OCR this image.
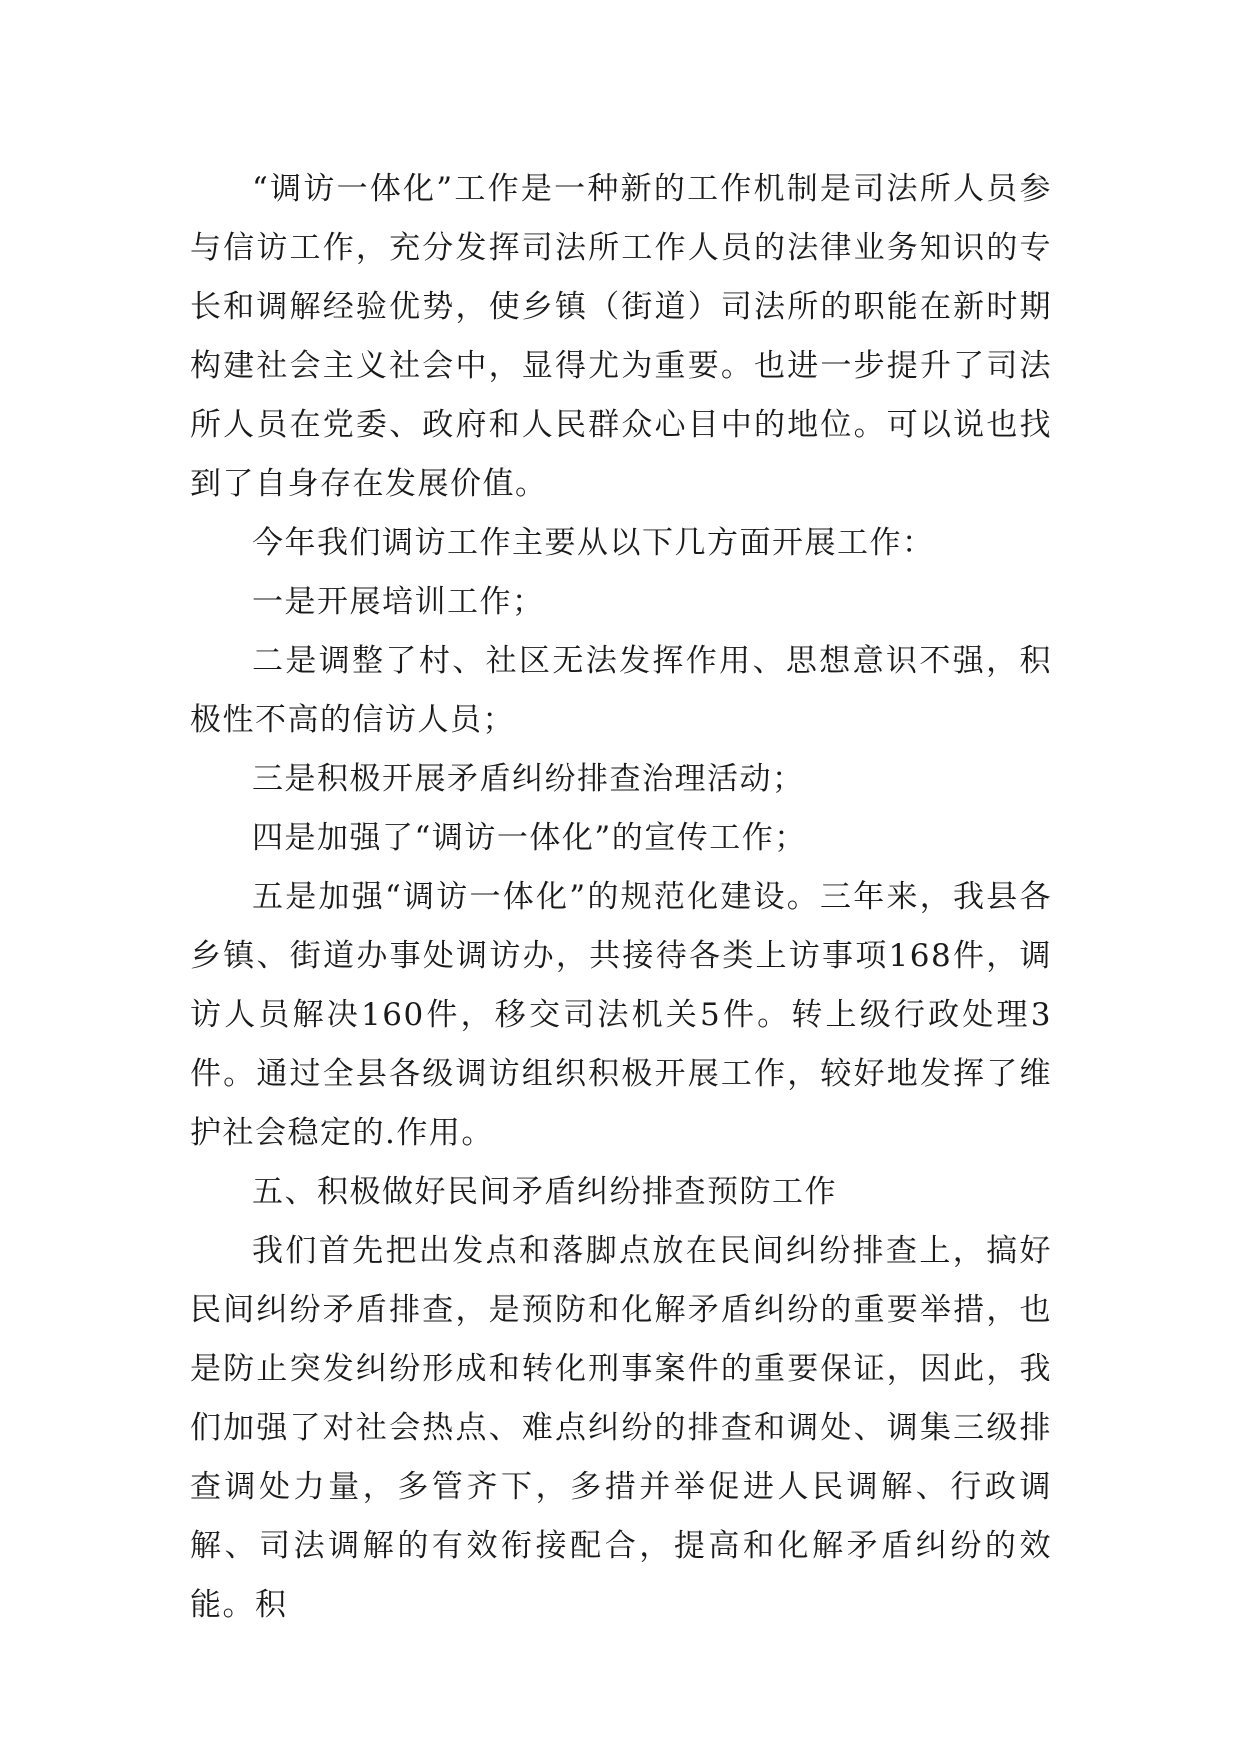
“调访一体化”工作是一种新的工作机制是司法所人员参与信访工作，充分发挥司法所工作人员的法律业务知识的专长和调解经验优势，使乡镇（街道）司法所的职能在新时期构建社会主义社会中，显得尤为重要。也进一步提升了司法所人员在党委、政府和人民群众心目中的地位。可以说也找到了自身存在发展价值。

今年我们调访工作主要从以下几方面开展工作：

一是开展培训工作；

二是调整了村、社区无法发挥作用、思想意识不强，积极性不高的信访人员；

三是积极开展矛盾纠纷排查治理活动；

四是加强了“调访一体化”的宣传工作；

五是加强“调访一体化”的规范化建设。三年来，我县各乡镇、街道办事处调访办，共接待各类上访事项168件，调访人员解决160件，移交司法机关5件。转上级行政处理3件。通过全县各级调访组织积极开展工作，较好地发挥了维护社会稳定的.作用。

五、积极做好民间矛盾纠纷排查预防工作

我们首先把出发点和落脚点放在民间纠纷排查上，搞好民间纠纷矛盾排查，是预防和化解矛盾纠纷的重要举措，也是防止突发纠纷形成和转化刑事案件的重要保证，因此，我们加强了对社会热点、难点纠纷的排查和调处、调集三级排查调处力量，多管齐下，多措并举促进人民调解、行政调解、司法调解的有效衔接配合，提高和化解矛盾纠纷的效能。积
